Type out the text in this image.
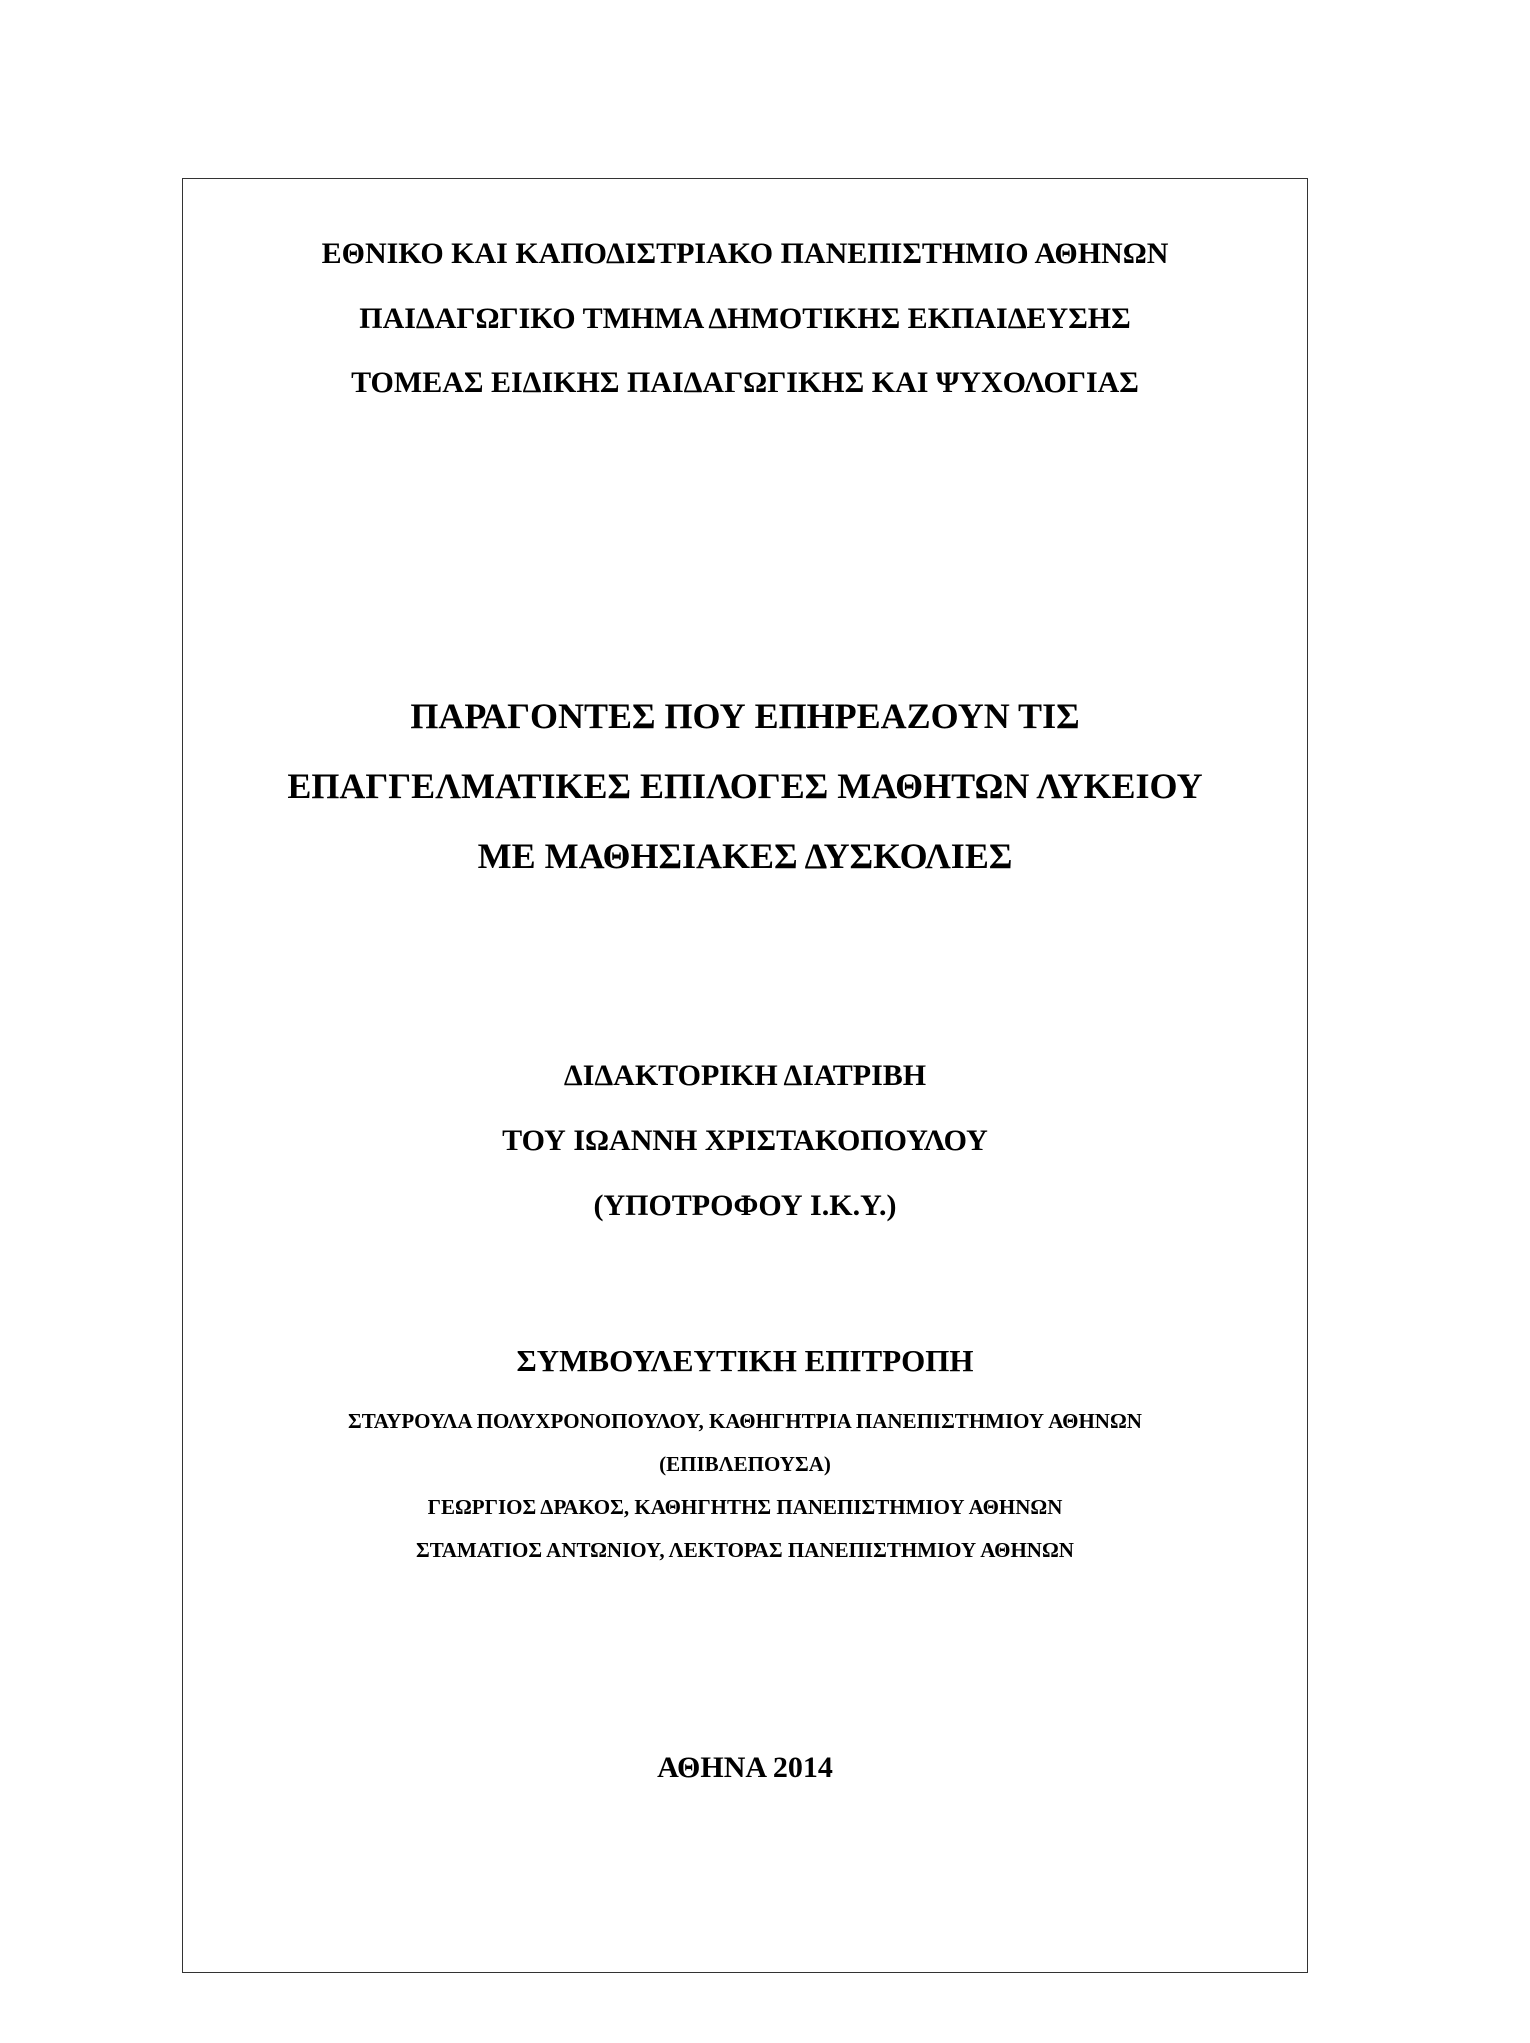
ΕΘΝΙΚΟ ΚΑΙ ΚΑΠΟΔΙΣΤΡΙΑΚΟ ΠΑΝΕΠΙΣΤΗΜΙΟ ΑΘΗΝΩΝ
ΠΑΙΔΑΓΩΓΙΚΟ ΤΜΗΜΑ ΔΗΜΟΤΙΚΗΣ ΕΚΠΑΙΔΕΥΣΗΣ
ΤΟΜΕΑΣ ΕΙΔΙΚΗΣ ΠΑΙΔΑΓΩΓΙΚΗΣ ΚΑΙ ΨΥΧΟΛΟΓΙΑΣ
ΠΑΡΑΓΟΝΤΕΣ ΠΟΥ ΕΠΗΡΕΑΖΟΥΝ ΤΙΣ
ΕΠΑΓΓΕΛΜΑΤΙΚΕΣ ΕΠΙΛΟΓΕΣ ΜΑΘΗΤΩΝ ΛΥΚΕΙΟΥ
ΜΕ ΜΑΘΗΣΙΑΚΕΣ ΔΥΣΚΟΛΙΕΣ
ΔΙΔΑΚΤΟΡΙΚΗ ΔΙΑΤΡΙΒΗ
ΤΟΥ ΙΩΑΝΝΗ ΧΡΙΣΤΑΚΟΠΟΥΛΟΥ
(ΥΠΟΤΡΟΦΟΥ Ι.Κ.Υ.)
ΣΥΜΒΟΥΛΕΥΤΙΚΗ ΕΠΙΤΡΟΠΗ
ΣΤΑΥΡΟΥΛΑ ΠΟΛΥΧΡΟΝΟΠΟΥΛΟΥ, ΚΑΘΗΓΗΤΡΙΑ ΠΑΝΕΠΙΣΤΗΜΙΟΥ ΑΘΗΝΩΝ
(ΕΠΙΒΛΕΠΟΥΣΑ)
ΓΕΩΡΓΙΟΣ ΔΡΑΚΟΣ, ΚΑΘΗΓΗΤΗΣ ΠΑΝΕΠΙΣΤΗΜΙΟΥ ΑΘΗΝΩΝ
ΣΤΑΜΑΤΙΟΣ ΑΝΤΩΝΙΟΥ, ΛΕΚΤΟΡΑΣ ΠΑΝΕΠΙΣΤΗΜΙΟΥ ΑΘΗΝΩΝ
ΑΘΗΝΑ 2014
